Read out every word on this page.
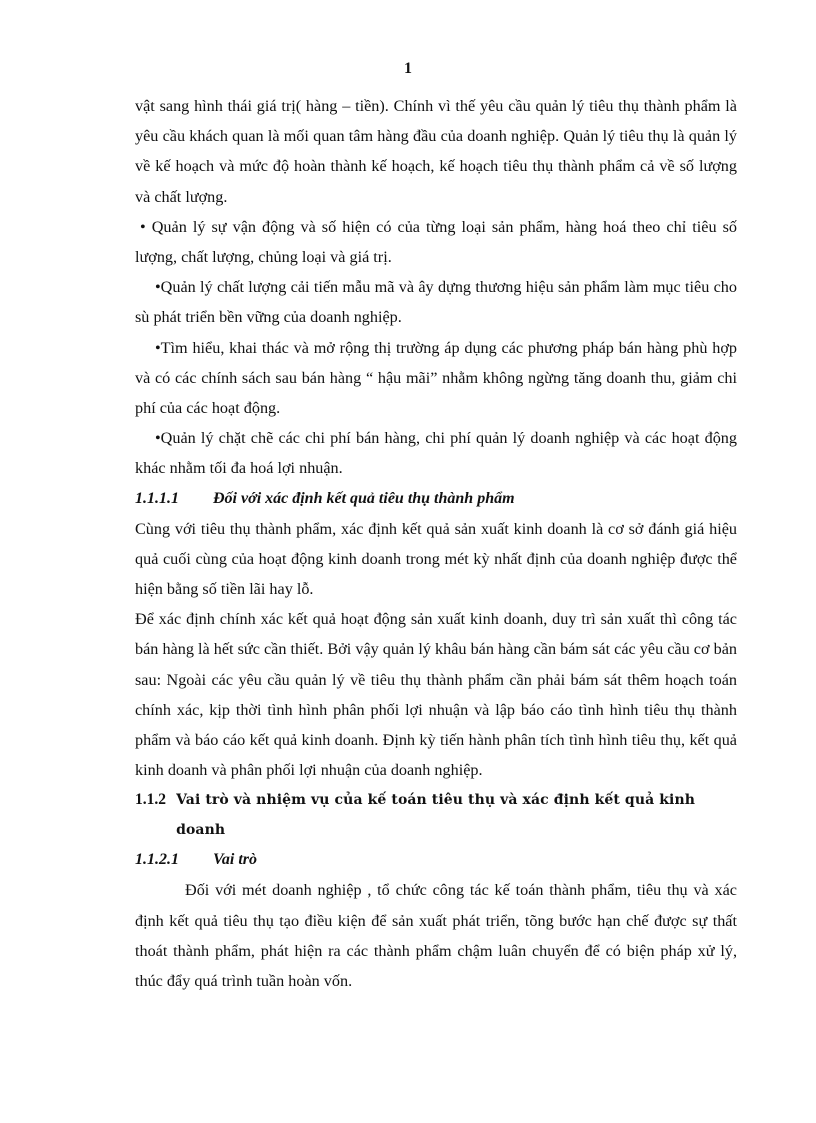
1

vật sang hình thái giá trị( hàng – tiền). Chính vì thế yêu cầu quản lý tiêu thụ thành phẩm là yêu cầu khách quan là mối quan tâm hàng đầu của doanh nghiệp. Quản lý tiêu thụ là quản lý về kế hoạch và mức độ hoàn thành kế hoạch, kế hoạch tiêu thụ thành phẩm cả về số lượng và chất lượng.

• Quản lý sự vận động và số hiện có của từng loại sản phẩm, hàng hoá theo chỉ tiêu số lượng, chất lượng, chủng loại và giá trị.

•Quản lý chất lượng cải tiến mẫu mã và ây dựng thương hiệu sản phẩm làm mục tiêu cho sù phát triển bền vững của doanh nghiệp.

•Tìm hiểu, khai thác và mở rộng thị trường áp dụng các phương pháp bán hàng phù hợp và có các chính sách sau bán hàng “ hậu mãi” nhằm không ngừng tăng doanh thu, giảm chi phí của các hoạt động.

•Quản lý chặt chẽ các chi phí bán hàng, chi phí quản lý doanh nghiệp và các hoạt động khác nhằm tối đa hoá lợi nhuận.

1.1.1.1	Đối với xác định kết quả tiêu thụ thành phẩm

Cùng với tiêu thụ thành phẩm, xác định kết quả sản xuất kinh doanh là cơ sở đánh giá hiệu quả cuối cùng của hoạt động kinh doanh trong mét kỳ nhất định của doanh nghiệp được thể hiện bằng số tiền lãi hay lỗ.

Để xác định chính xác kết quả hoạt động sản xuất kinh doanh, duy trì sản xuất thì công tác bán hàng là hết sức cần thiết. Bởi vậy quản lý khâu bán hàng cần bám sát các yêu cầu cơ bản sau: Ngoài các yêu cầu quản lý về tiêu thụ thành phẩm cần phải bám sát thêm hoạch toán chính xác, kịp thời tình hình phân phối lợi nhuận và lập báo cáo tình hình tiêu thụ thành phẩm và báo cáo kết quả kinh doanh. Định kỳ tiến hành phân tích tình hình tiêu thụ, kết quả kinh doanh và phân phối lợi nhuận của doanh nghiệp.

1.1.2 Vai trò và nhiệm vụ của kế toán tiêu thụ và xác định kết quả kinh doanh
1.1.2.1	Vai trò

Đối với mét doanh nghiệp , tổ chức công tác kế toán thành phẩm, tiêu thụ và xác định kết quả tiêu thụ tạo điều kiện để sản xuất phát triển, tõng bước hạn chế được sự thất thoát thành phẩm, phát hiện ra các thành phẩm chậm luân chuyển để có biện pháp xử lý, thúc đẩy quá trình tuần hoàn vốn.
